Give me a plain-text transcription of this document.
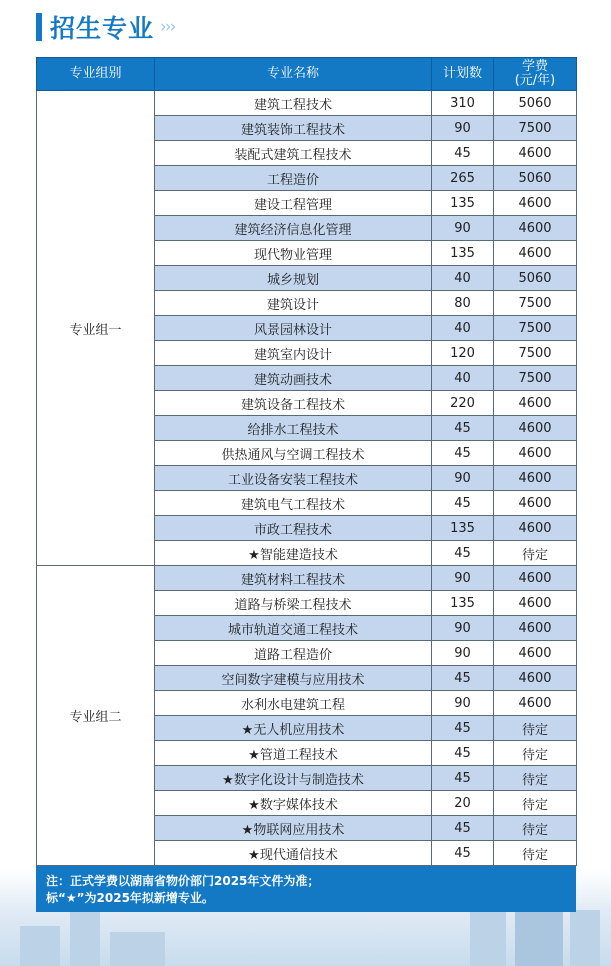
招生专业 ›››
专业组别	专业名称	计划数	学费
(元/年)

专业组一	建筑工程技术	310	5060
	建筑装饰工程技术	90	7500
	装配式建筑工程技术	45	4600
	工程造价	265	5060
	建设工程管理	135	4600
	建筑经济信息化管理	90	4600
	现代物业管理	135	4600
	城乡规划	40	5060
	建筑设计	80	7500
	风景园林设计	40	7500
	建筑室内设计	120	7500
	建筑动画技术	40	7500
	建筑设备工程技术	220	4600
	给排水工程技术	45	4600
	供热通风与空调工程技术	45	4600
	工业设备安装工程技术	90	4600
	建筑电气工程技术	45	4600
	市政工程技术	135	4600
	★智能建造技术	45	待定
专业组二	建筑材料工程技术	90	4600
	道路与桥梁工程技术	135	4600
	城市轨道交通工程技术	90	4600
	道路工程造价	90	4600
	空间数字建模与应用技术	45	4600
	水利水电建筑工程	90	4600
	★无人机应用技术	45	待定
	★管道工程技术	45	待定
	★数字化设计与制造技术	45	待定
	★数字媒体技术	20	待定
	★物联网应用技术	45	待定
	★现代通信技术	45	待定
注：正式学费以湖南省物价部门2025年文件为准；
标“★”为2025年拟新增专业。
